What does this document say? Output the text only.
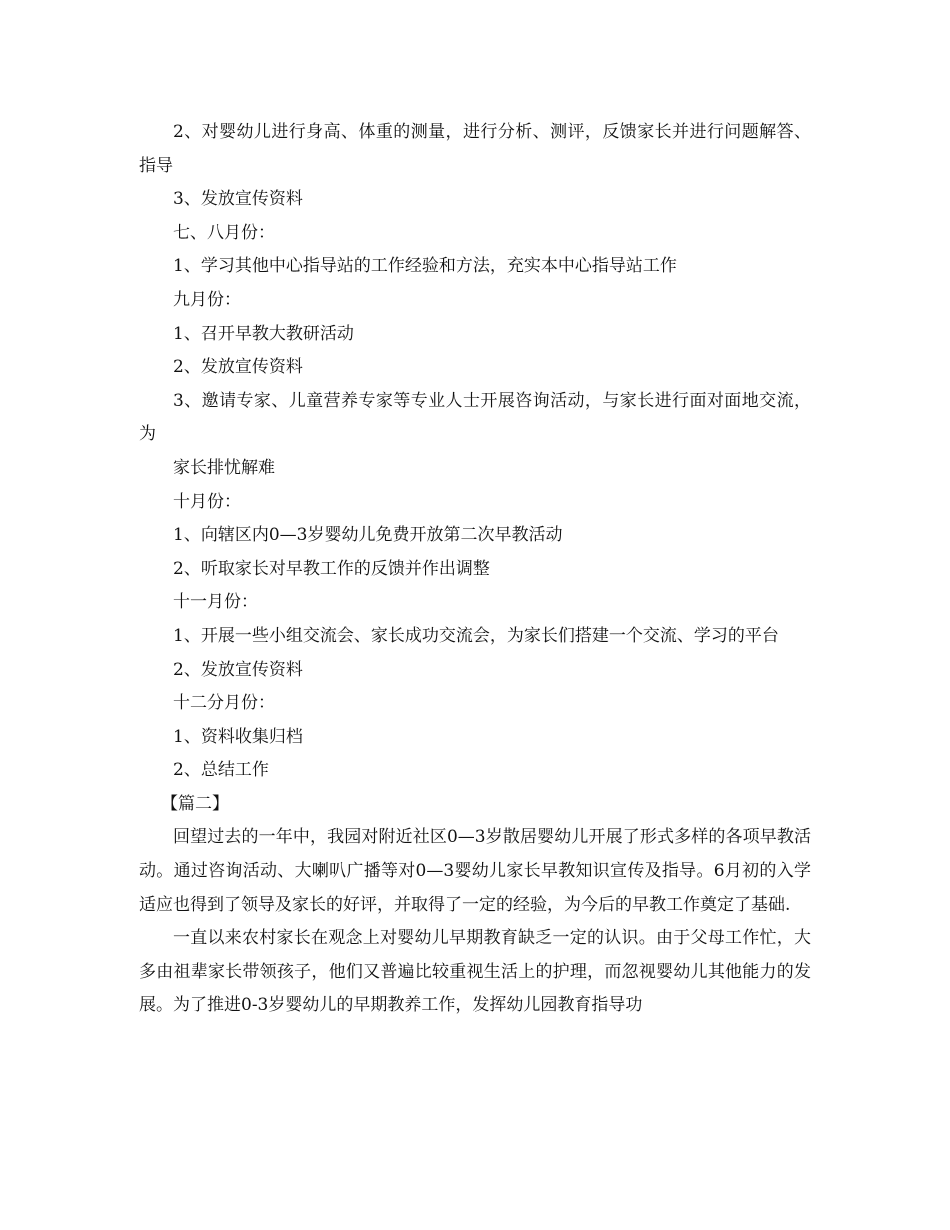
2、对婴幼儿进行身高、体重的测量，进行分析、测评，反馈家长并进行问题解答、指导

3、发放宣传资料

七、八月份：

1、学习其他中心指导站的工作经验和方法，充实本中心指导站工作

九月份：

1、召开早教大教研活动

2、发放宣传资料

3、邀请专家、儿童营养专家等专业人士开展咨询活动，与家长进行面对面地交流，为

家长排忧解难

十月份：

1、向辖区内0—3岁婴幼儿免费开放第二次早教活动

2、听取家长对早教工作的反馈并作出调整

十一月份：

1、开展一些小组交流会、家长成功交流会，为家长们搭建一个交流、学习的平台

2、发放宣传资料

十二分月份：

1、资料收集归档

2、总结工作

【篇二】

回望过去的一年中，我园对附近社区0—3岁散居婴幼儿开展了形式多样的各项早教活动。通过咨询活动、大喇叭广播等对0—3婴幼儿家长早教知识宣传及指导。6月初的入学适应也得到了领导及家长的好评，并取得了一定的经验，为今后的早教工作奠定了基础.

一直以来农村家长在观念上对婴幼儿早期教育缺乏一定的认识。由于父母工作忙，大多由祖辈家长带领孩子，他们又普遍比较重视生活上的护理，而忽视婴幼儿其他能力的发展。为了推进0-3岁婴幼儿的早期教养工作，发挥幼儿园教育指导功
